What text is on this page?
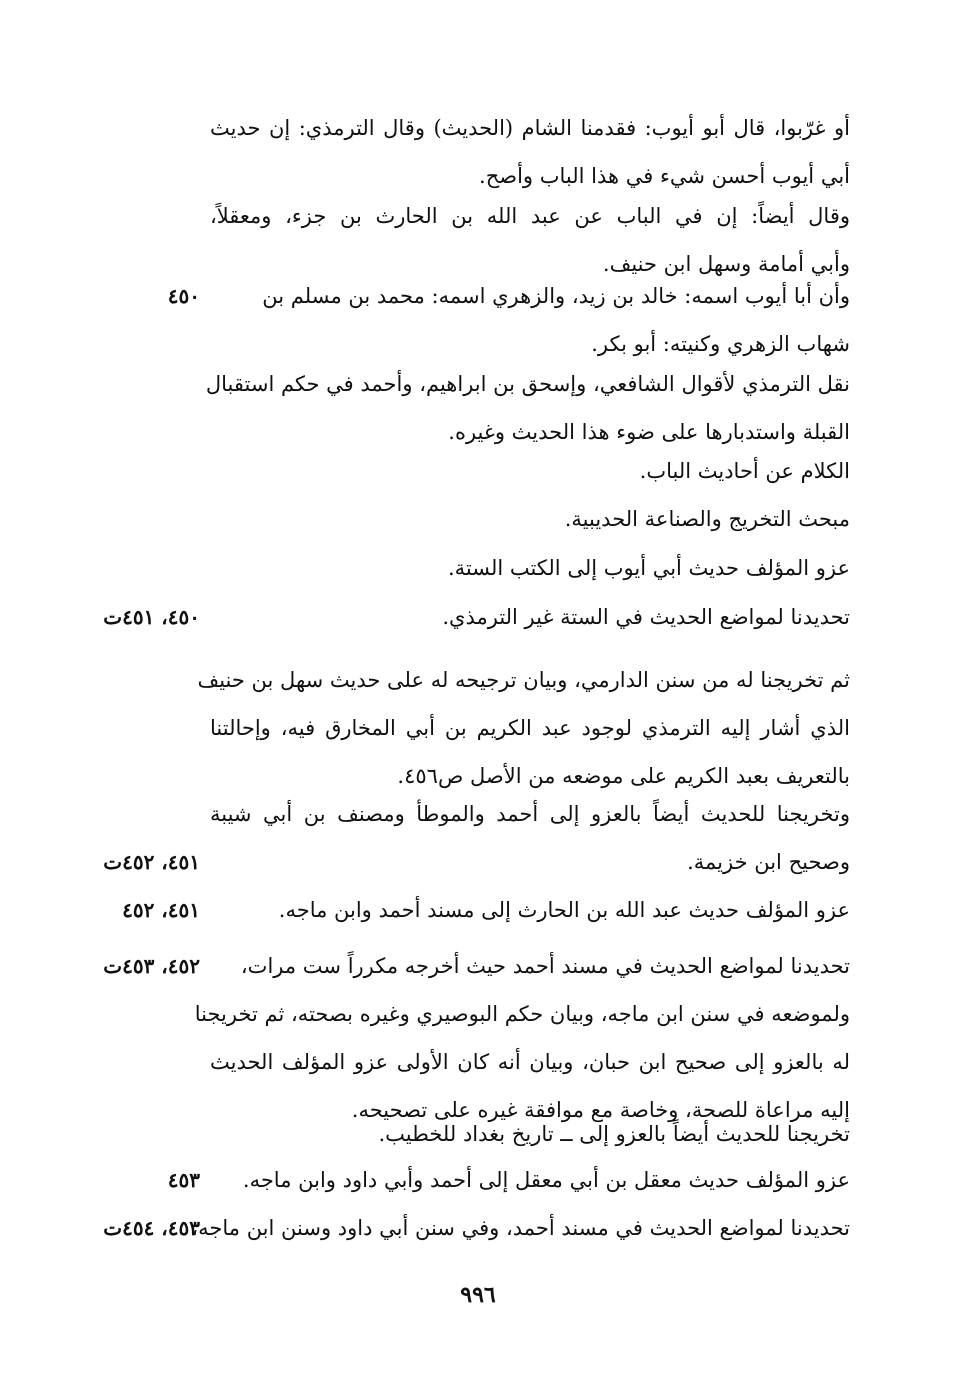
أو غرّبوا، قال أبو أيوب: فقدمنا الشام (الحديث) وقال الترمذي: إن حديث
أبي أيوب أحسن شيء في هذا الباب وأصح.
وقال أيضاً: إن في الباب عن عبد الله بن الحارث بن جزء، ومعقلاً،
وأبي أمامة وسهل ابن حنيف.
وأن أبا أيوب اسمه: خالد بن زيد، والزهري اسمه: محمد بن مسلم بن
٤٥٠
شهاب الزهري وكنيته: أبو بكر.
نقل الترمذي لأقوال الشافعي، وإسحق بن ابراهيم، وأحمد في حكم استقبال
القبلة واستدبارها على ضوء هذا الحديث وغيره.
الكلام عن أحاديث الباب.
مبحث التخريج والصناعة الحديبية.
عزو المؤلف حديث أبي أيوب إلى الكتب الستة.
تحديدنا لمواضع الحديث في الستة غير الترمذي.
٤٥٠، ٤٥١ت
ثم تخريجنا له من سنن الدارمي، وبيان ترجيحه له على حديث سهل بن حنيف
الذي أشار إليه الترمذي لوجود عبد الكريم بن أبي المخارق فيه، وإحالتنا
بالتعريف بعبد الكريم على موضعه من الأصل ص٤٥٦.
وتخريجنا للحديث أيضاً بالعزو إلى أحمد والموطأ ومصنف بن أبي شيبة
وصحيح ابن خزيمة.
٤٥١، ٤٥٢ت
عزو المؤلف حديث عبد الله بن الحارث إلى مسند أحمد وابن ماجه.
٤٥١، ٤٥٢
تحديدنا لمواضع الحديث في مسند أحمد حيث أخرجه مكرراً ست مرات،
٤٥٢، ٤٥٣ت
ولموضعه في سنن ابن ماجه، وبيان حكم البوصيري وغيره بصحته، ثم تخريجنا
له بالعزو إلى صحيح ابن حبان، وبيان أنه كان الأولى عزو المؤلف الحديث
إليه مراعاة للصحة، وخاصة مع موافقة غيره على تصحيحه.
تخريجنا للحديث أيضاً بالعزو إلى ــ تاريخ بغداد للخطيب.
عزو المؤلف حديث معقل بن أبي معقل إلى أحمد وأبي داود وابن ماجه.
٤٥٣
تحديدنا لمواضع الحديث في مسند أحمد، وفي سنن أبي داود وسنن ابن ماجه،
٤٥٣، ٤٥٤ت
٩٩٦
